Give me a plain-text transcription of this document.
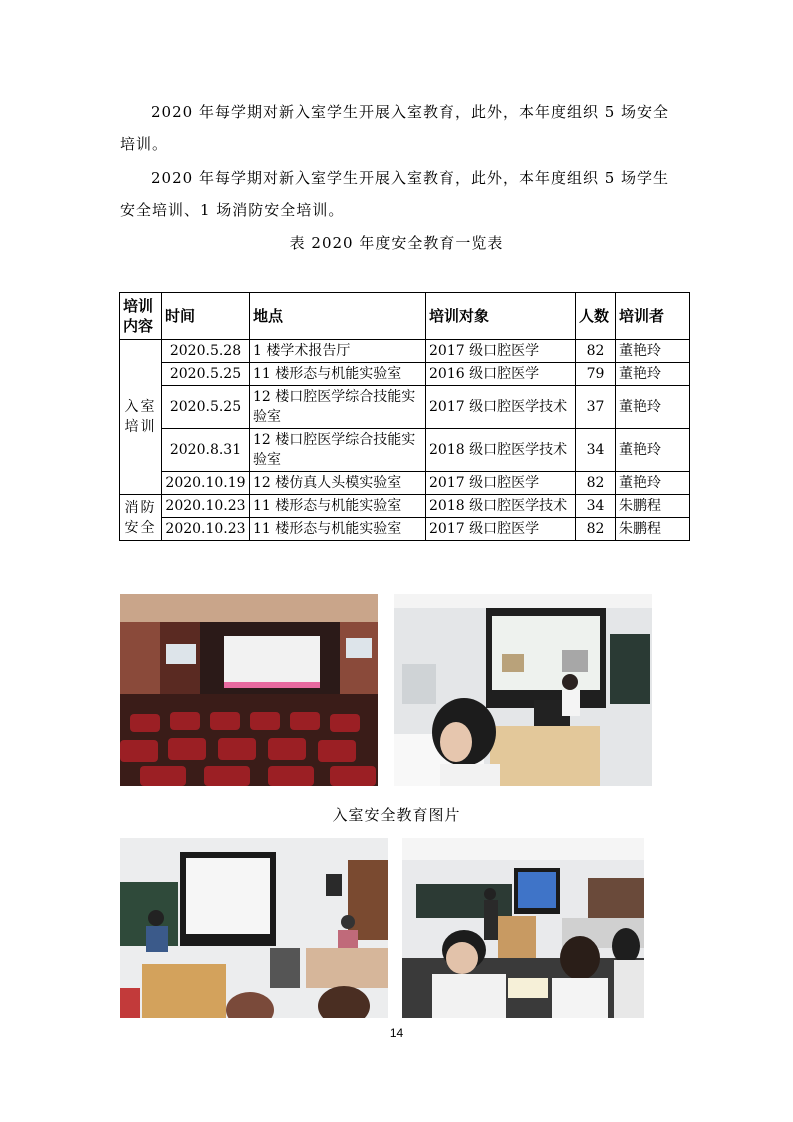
2020 年每学期对新入室学生开展入室教育，此外，本年度组织 5 场安全培训。

2020 年每学期对新入室学生开展入室教育，此外，本年度组织 5 场学生安全培训、1 场消防安全培训。

表 2020 年度安全教育一览表
培训内容	时间	地点	培训对象	人数	培训者
入室培训	2020.5.28	1 楼学术报告厅	2017 级口腔医学	82	董艳玲
	2020.5.25	11 楼形态与机能实验室	2016 级口腔医学	79	董艳玲
	2020.5.25	12 楼口腔医学综合技能实验室	2017 级口腔医学技术	37	董艳玲
	2020.8.31	12 楼口腔医学综合技能实验室	2018 级口腔医学技术	34	董艳玲
	2020.10.19	12 楼仿真人头模实验室	2017 级口腔医学	82	董艳玲
消防安全	2020.10.23	11 楼形态与机能实验室	2018 级口腔医学技术	34	朱鹏程
	2020.10.23	11 楼形态与机能实验室	2017 级口腔医学	82	朱鹏程
入室安全教育图片
14
